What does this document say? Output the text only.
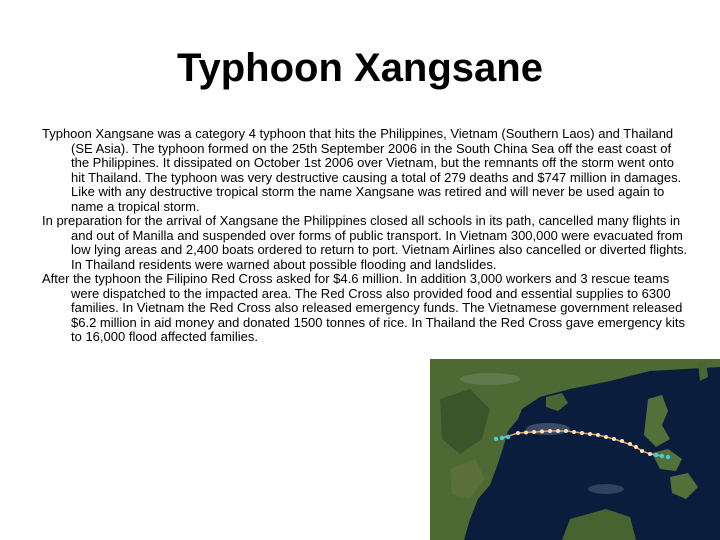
Typhoon Xangsane

Typhoon Xangsane was a category 4 typhoon that hits the Philippines, Vietnam (Southern Laos) and Thailand (SE Asia). The typhoon formed on the 25th September 2006 in the South China Sea off the east coast of the Philippines. It dissipated on October 1st 2006 over Vietnam, but the remnants off the storm went onto hit Thailand. The typhoon was very destructive causing a total of 279 deaths and $747 million in damages. Like with any destructive tropical storm the name Xangsane was retired and will never be used again to name a tropical storm.

In preparation for the arrival of Xangsane the Philippines closed all schools in its path, cancelled many flights in and out of Manilla and suspended over forms of public transport. In Vietnam 300,000 were evacuated from low lying areas and 2,400 boats ordered to return to port. Vietnam Airlines also cancelled or diverted flights. In Thailand residents were warned about possible flooding and landslides.

After the typhoon the Filipino Red Cross asked for $4.6 million. In addition 3,000 workers and 3 rescue teams were dispatched to the impacted area. The Red Cross also provided food and essential supplies to 6300 families. In Vietnam the Red Cross also released emergency funds. The Vietnamese government released $6.2 million in aid money and donated 1500 tonnes of rice. In Thailand the Red Cross gave emergency kits to 16,000 flood affected families.
